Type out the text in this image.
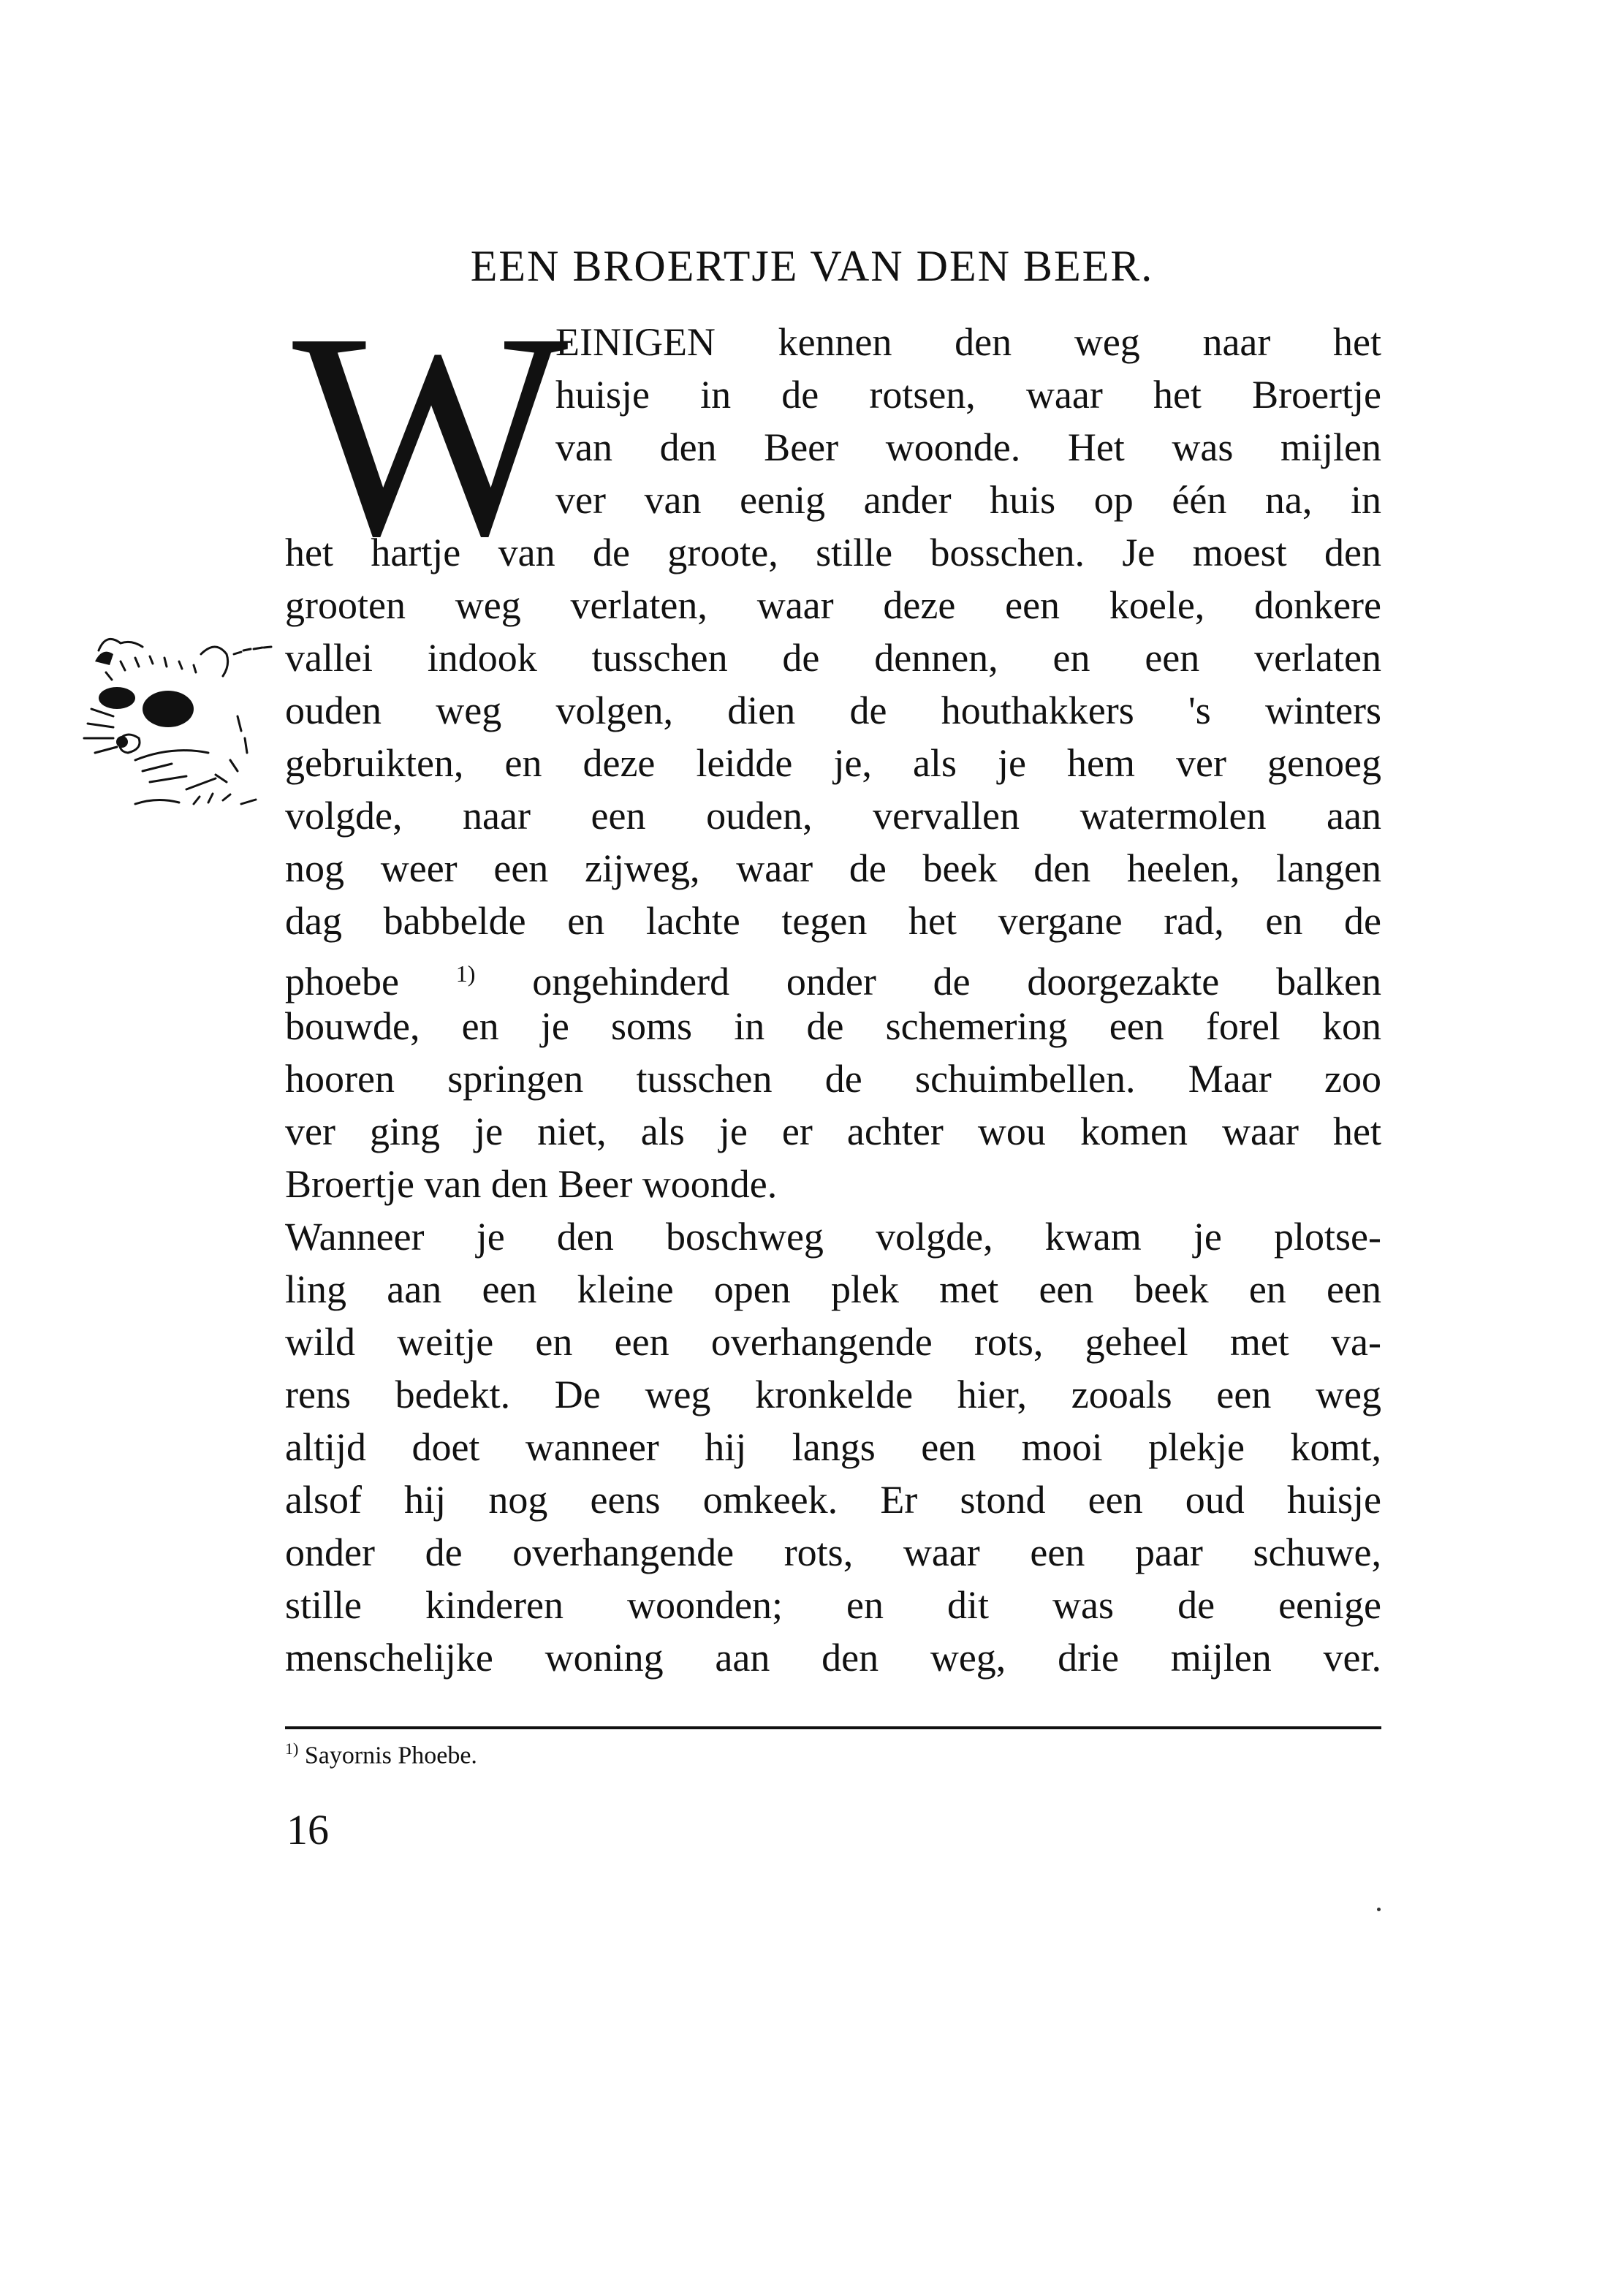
EEN BROERTJE VAN DEN BEER.
W
EINIGEN kennen den weg naar het
huisje in de rotsen, waar het Broertje
van den Beer woonde. Het was mijlen
ver van eenig ander huis op één na, in
het hartje van de groote, stille bosschen. Je moest den
grooten weg verlaten, waar deze een koele, donkere
vallei indook tusschen de dennen, en een verlaten
ouden weg volgen, dien de houthakkers 's winters
gebruikten, en deze leidde je, als je hem ver genoeg
volgde, naar een ouden, vervallen watermolen aan
nog weer een zijweg, waar de beek den heelen, langen
dag babbelde en lachte tegen het vergane rad, en de
phoebe $^{1)}$ ongehinderd onder de doorgezakte balken
bouwde, en je soms in de schemering een forel kon
hooren springen tusschen de schuimbellen. Maar zoo
ver ging je niet, als je er achter wou komen waar het
Broertje van den Beer woonde.
Wanneer je den boschweg volgde, kwam je plotse-
ling aan een kleine open plek met een beek en een
wild weitje en een overhangende rots, geheel met va-
rens bedekt. De weg kronkelde hier, zooals een weg
altijd doet wanneer hij langs een mooi plekje komt,
alsof hij nog eens omkeek. Er stond een oud huisje
onder de overhangende rots, waar een paar schuwe,
stille kinderen woonden; en dit was de eenige
menschelijke woning aan den weg, drie mijlen ver.
$^{1)}$ Sayornis Phoebe.
16
